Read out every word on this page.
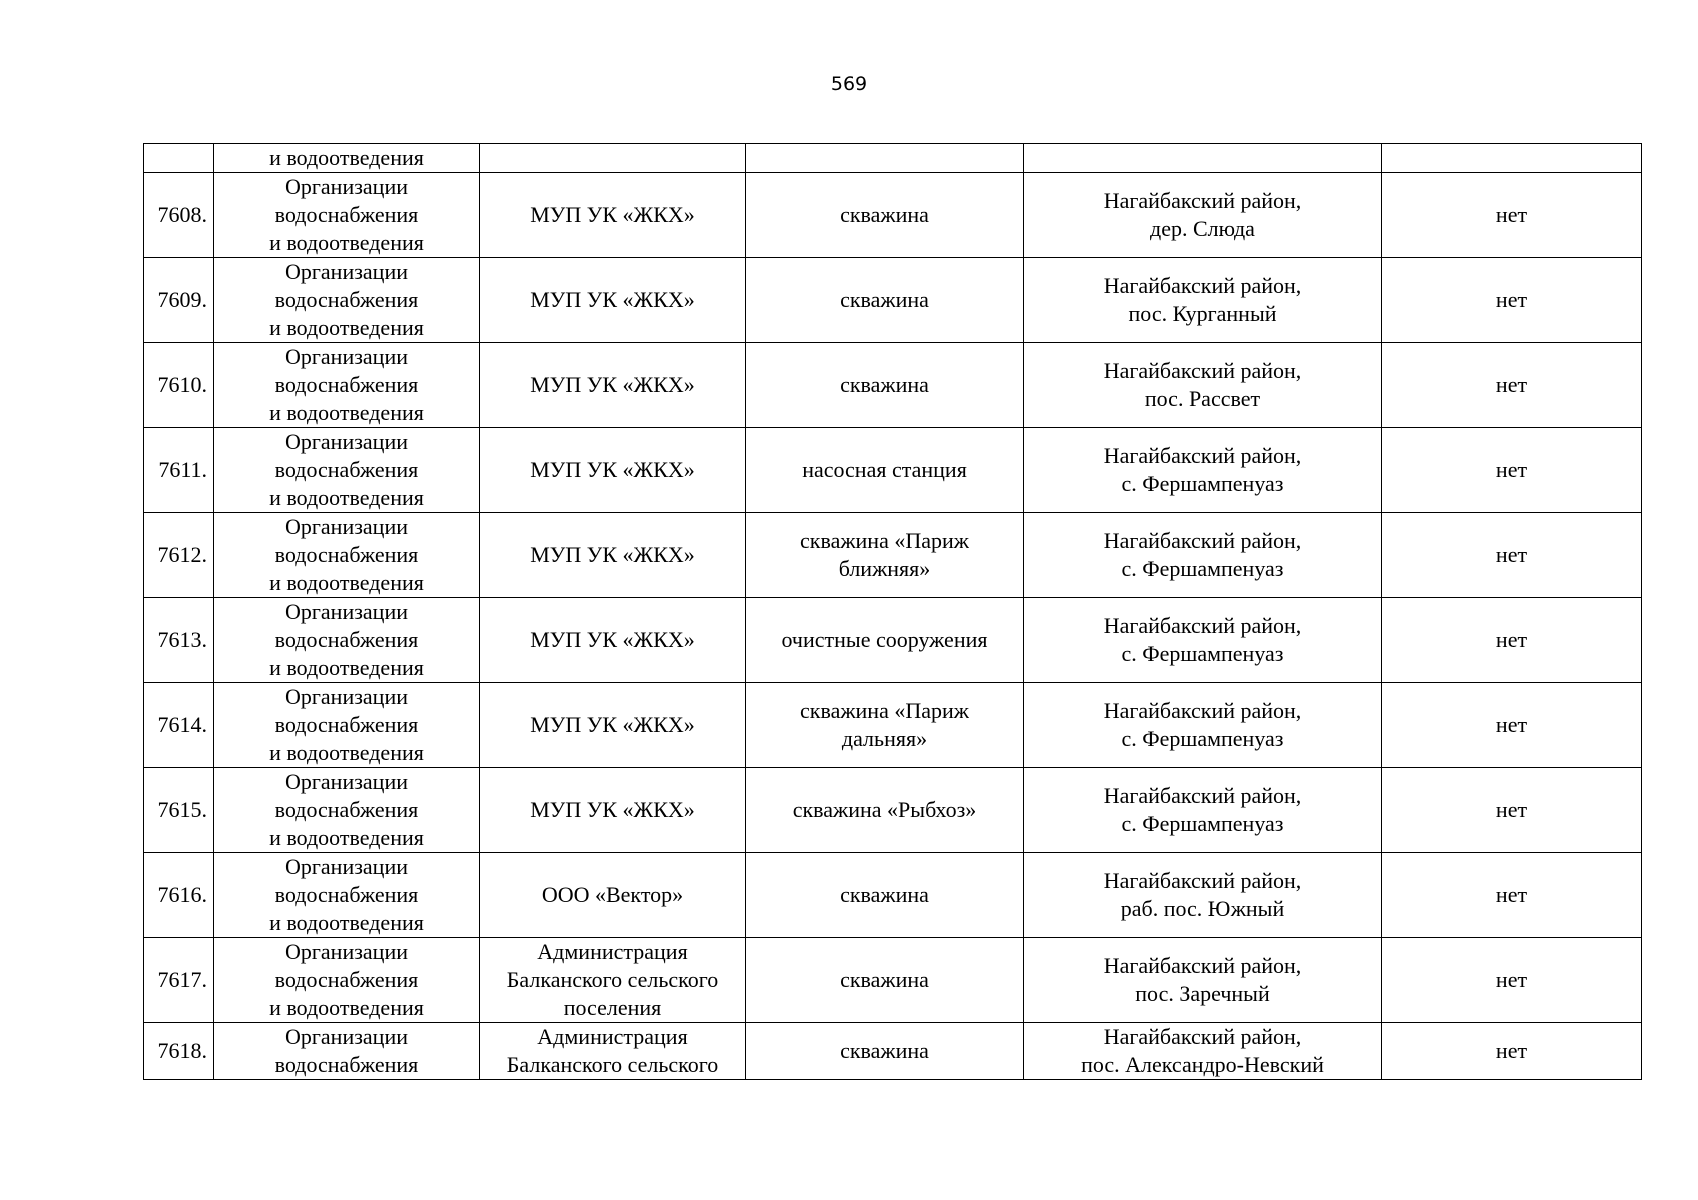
569
	и водоотведения				
7608.	Организации
водоснабжения
и водоотведения	МУП УК «ЖКХ»	скважина	Нагайбакский район,
дер. Слюда	нет
7609.	Организации
водоснабжения
и водоотведения	МУП УК «ЖКХ»	скважина	Нагайбакский район,
пос. Курганный	нет
7610.	Организации
водоснабжения
и водоотведения	МУП УК «ЖКХ»	скважина	Нагайбакский район,
пос. Рассвет	нет
7611.	Организации
водоснабжения
и водоотведения	МУП УК «ЖКХ»	насосная станция	Нагайбакский район,
с. Фершампенуаз	нет
7612.	Организации
водоснабжения
и водоотведения	МУП УК «ЖКХ»	скважина «Париж
ближняя»	Нагайбакский район,
с. Фершампенуаз	нет
7613.	Организации
водоснабжения
и водоотведения	МУП УК «ЖКХ»	очистные сооружения	Нагайбакский район,
с. Фершампенуаз	нет
7614.	Организации
водоснабжения
и водоотведения	МУП УК «ЖКХ»	скважина «Париж
дальняя»	Нагайбакский район,
с. Фершампенуаз	нет
7615.	Организации
водоснабжения
и водоотведения	МУП УК «ЖКХ»	скважина «Рыбхоз»	Нагайбакский район,
с. Фершампенуаз	нет
7616.	Организации
водоснабжения
и водоотведения	ООО «Вектор»	скважина	Нагайбакский район,
раб. пос. Южный	нет
7617.	Организации
водоснабжения
и водоотведения	Администрация
Балканского сельского
поселения	скважина	Нагайбакский район,
пос. Заречный	нет
7618.	Организации
водоснабжения	Администрация
Балканского сельского	скважина	Нагайбакский район,
пос. Александро-Невский	нет
